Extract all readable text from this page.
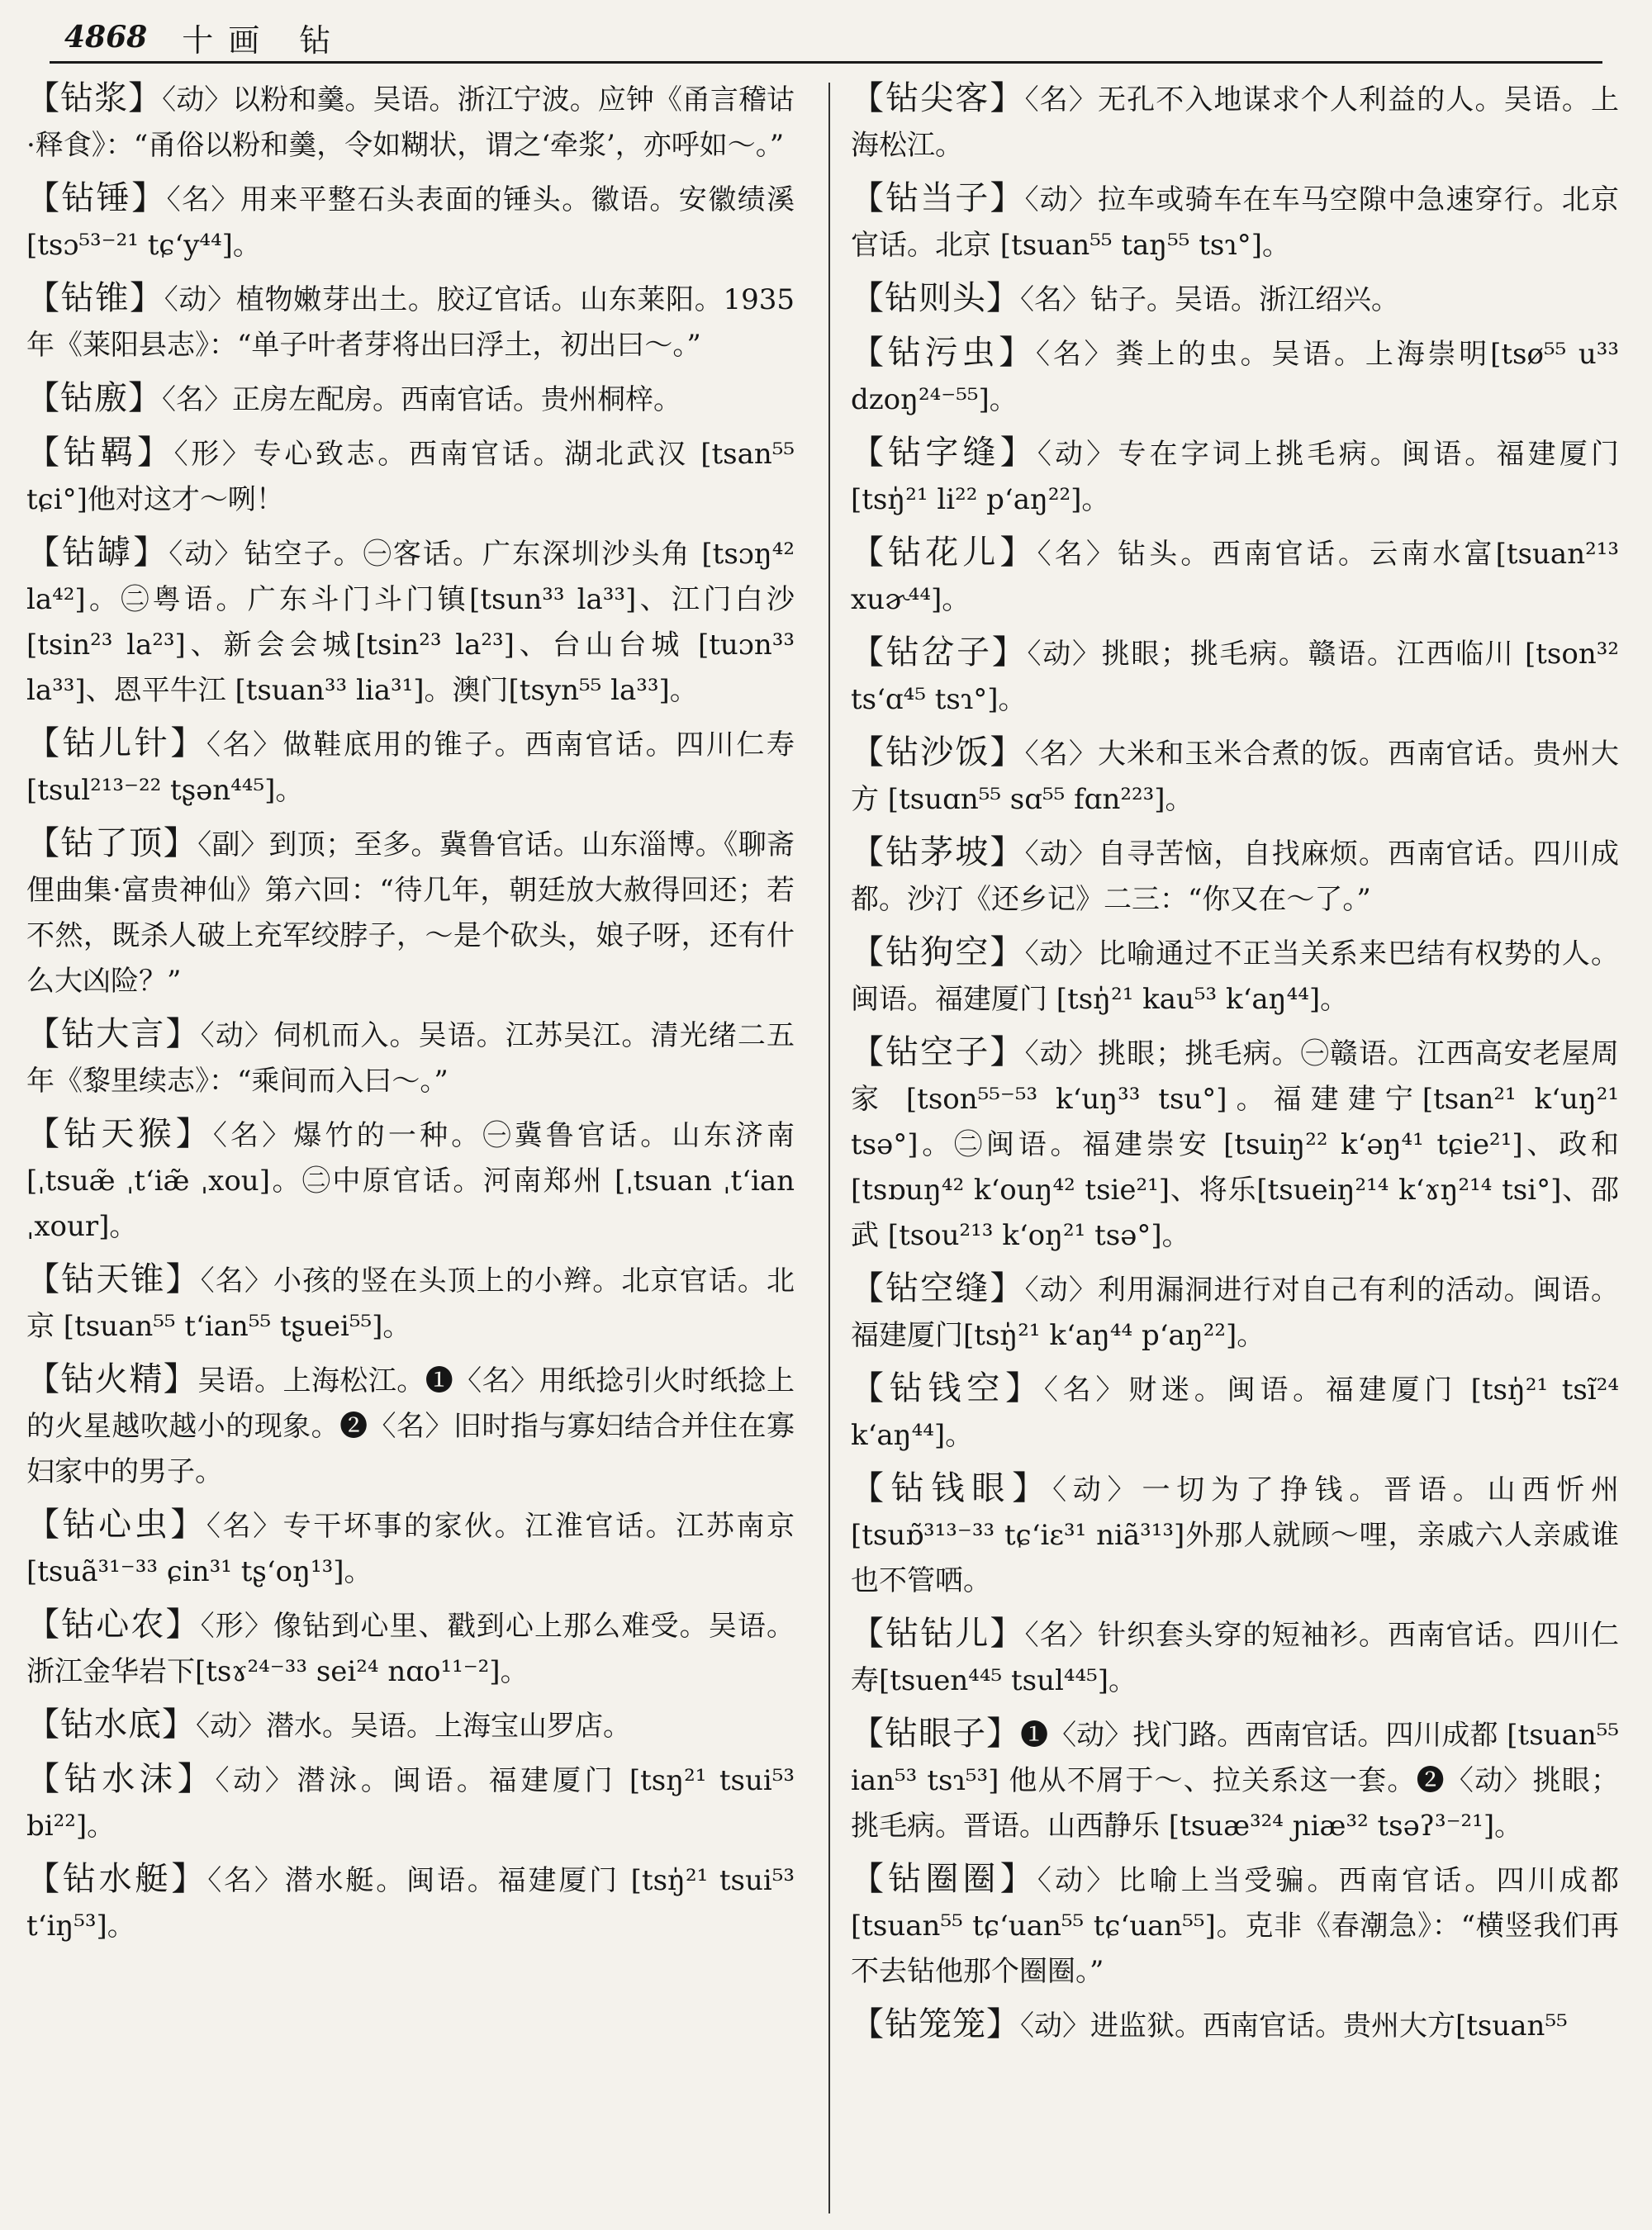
4868 十画 钻
【钻浆】〈动〉以粉和羹。吴语。浙江宁波。应钟《甬言稽诂·释食》：“甬俗以粉和羹，令如糊状，谓之‘牵浆’，亦呼如～。”
【钻锤】〈名〉用来平整石头表面的锤头。徽语。安徽绩溪[tsɔ⁵³⁻²¹ tɕʻy⁴⁴]。
【钻锥】〈动〉植物嫩芽出土。胶辽官话。山东莱阳。1935年《莱阳县志》：“单子叶者芽将出曰浮土，初出曰～。”
【钻廒】〈名〉正房左配房。西南官话。贵州桐梓。
【钻羁】〈形〉专心致志。西南官话。湖北武汉 [tsan⁵⁵ tɕi°]他对这才～咧！
【钻罅】〈动〉钻空子。㊀客话。广东深圳沙头角 [tsɔŋ⁴² la⁴²]。㊁粤语。广东斗门斗门镇[tsun³³ la³³]、江门白沙[tsin²³ la²³]、新会会城[tsin²³ la²³]、台山台城 [tuɔn³³ la³³]、恩平牛江 [tsuan³³ lia³¹]。澳门[tsyn⁵⁵ la³³]。
【钻儿针】〈名〉做鞋底用的锥子。西南官话。四川仁寿[tsul²¹³⁻²² tʂən⁴⁴⁵]。
【钻了顶】〈副〉到顶；至多。冀鲁官话。山东淄博。《聊斋俚曲集·富贵神仙》第六回：“待几年，朝廷放大赦得回还；若不然，既杀人破上充军绞脖子，～是个砍头，娘子呀，还有什么大凶险？”
【钻大言】〈动〉伺机而入。吴语。江苏吴江。清光绪二五年《黎里续志》：“乘间而入曰～。”
【钻天猴】〈名〉爆竹的一种。㊀冀鲁官话。山东济南[ˌtsuæ̃ ˌtʻiæ̃ ˌxou]。㊁中原官话。河南郑州 [ˌtsuan ˌtʻian ˌxour]。
【钻天锥】〈名〉小孩的竖在头顶上的小辫。北京官话。北京 [tsuan⁵⁵ tʻian⁵⁵ tʂuei⁵⁵]。
【钻火精】吴语。上海松江。❶〈名〉用纸捻引火时纸捻上的火星越吹越小的现象。❷〈名〉旧时指与寡妇结合并住在寡妇家中的男子。
【钻心虫】〈名〉专干坏事的家伙。江淮官话。江苏南京 [tsuã³¹⁻³³ ɕin³¹ tʂʻoŋ¹³]。
【钻心农】〈形〉像钻到心里、戳到心上那么难受。吴语。浙江金华岩下[tsɤ²⁴⁻³³ sei²⁴ nɑo¹¹⁻²]。
【钻水底】〈动〉潜水。吴语。上海宝山罗店。
【钻水沫】〈动〉潜泳。闽语。福建厦门 [tsŋ²¹ tsui⁵³ bi²²]。
【钻水艇】〈名〉潜水艇。闽语。福建厦门 [tsŋ̍²¹ tsui⁵³ tʻiŋ⁵³]。
【钻尖客】〈名〉无孔不入地谋求个人利益的人。吴语。上海松江。
【钻当子】〈动〉拉车或骑车在车马空隙中急速穿行。北京官话。北京 [tsuan⁵⁵ taŋ⁵⁵ tsɿ°]。
【钻则头】〈名〉钻子。吴语。浙江绍兴。
【钻污虫】〈名〉粪上的虫。吴语。上海崇明[tsø⁵⁵ u³³ dzoŋ²⁴⁻⁵⁵]。
【钻字缝】〈动〉专在字词上挑毛病。闽语。福建厦门 [tsŋ̍²¹ li²² pʻaŋ²²]。
【钻花儿】〈名〉钻头。西南官话。云南水富[tsuan²¹³ xuɚ⁴⁴]。
【钻岔子】〈动〉挑眼；挑毛病。赣语。江西临川 [tson³² tsʻɑ⁴⁵ tsɿ°]。
【钻沙饭】〈名〉大米和玉米合煮的饭。西南官话。贵州大方 [tsuɑn⁵⁵ sɑ⁵⁵ fɑn²²³]。
【钻茅坡】〈动〉自寻苦恼，自找麻烦。西南官话。四川成都。沙汀《还乡记》二三：“你又在～了。”
【钻狗空】〈动〉比喻通过不正当关系来巴结有权势的人。闽语。福建厦门 [tsŋ̍²¹ kau⁵³ kʻaŋ⁴⁴]。
【钻空子】〈动〉挑眼；挑毛病。㊀赣语。江西高安老屋周家 [tson⁵⁵⁻⁵³ kʻuŋ³³ tsu°]。福建建宁[tsan²¹ kʻuŋ²¹ tsə°]。㊁闽语。福建崇安 [tsuiŋ²² kʻəŋ⁴¹ tɕie²¹]、政和 [tsɒuŋ⁴² kʻouŋ⁴² tsie²¹]、将乐[tsueiŋ²¹⁴ kʻɤŋ²¹⁴ tsi°]、邵武 [tsou²¹³ kʻoŋ²¹ tsə°]。
【钻空缝】〈动〉利用漏洞进行对自己有利的活动。闽语。福建厦门[tsŋ̍²¹ kʻaŋ⁴⁴ pʻaŋ²²]。
【钻钱空】〈名〉财迷。闽语。福建厦门 [tsŋ̍²¹ tsĩ²⁴ kʻaŋ⁴⁴]。
【钻钱眼】〈动〉一切为了挣钱。晋语。山西忻州 [tsuɒ̃³¹³⁻³³ tɕʻiɛ³¹ niã³¹³]外那人就顾～哩，亲戚六人亲戚谁也不管哂。
【钻钻儿】〈名〉针织套头穿的短袖衫。西南官话。四川仁寿[tsuen⁴⁴⁵ tsul⁴⁴⁵]。
【钻眼子】❶〈动〉找门路。西南官话。四川成都 [tsuan⁵⁵ ian⁵³ tsɿ⁵³] 他从不屑于～、拉关系这一套。❷〈动〉挑眼；挑毛病。晋语。山西静乐 [tsuæ³²⁴ ɲiæ³² tsəʔ³⁻²¹]。
【钻圈圈】〈动〉比喻上当受骗。西南官话。四川成都 [tsuan⁵⁵ tɕʻuan⁵⁵ tɕʻuan⁵⁵]。克非《春潮急》：“横竖我们再不去钻他那个圈圈。”
【钻笼笼】〈动〉进监狱。西南官话。贵州大方[tsuan⁵⁵
